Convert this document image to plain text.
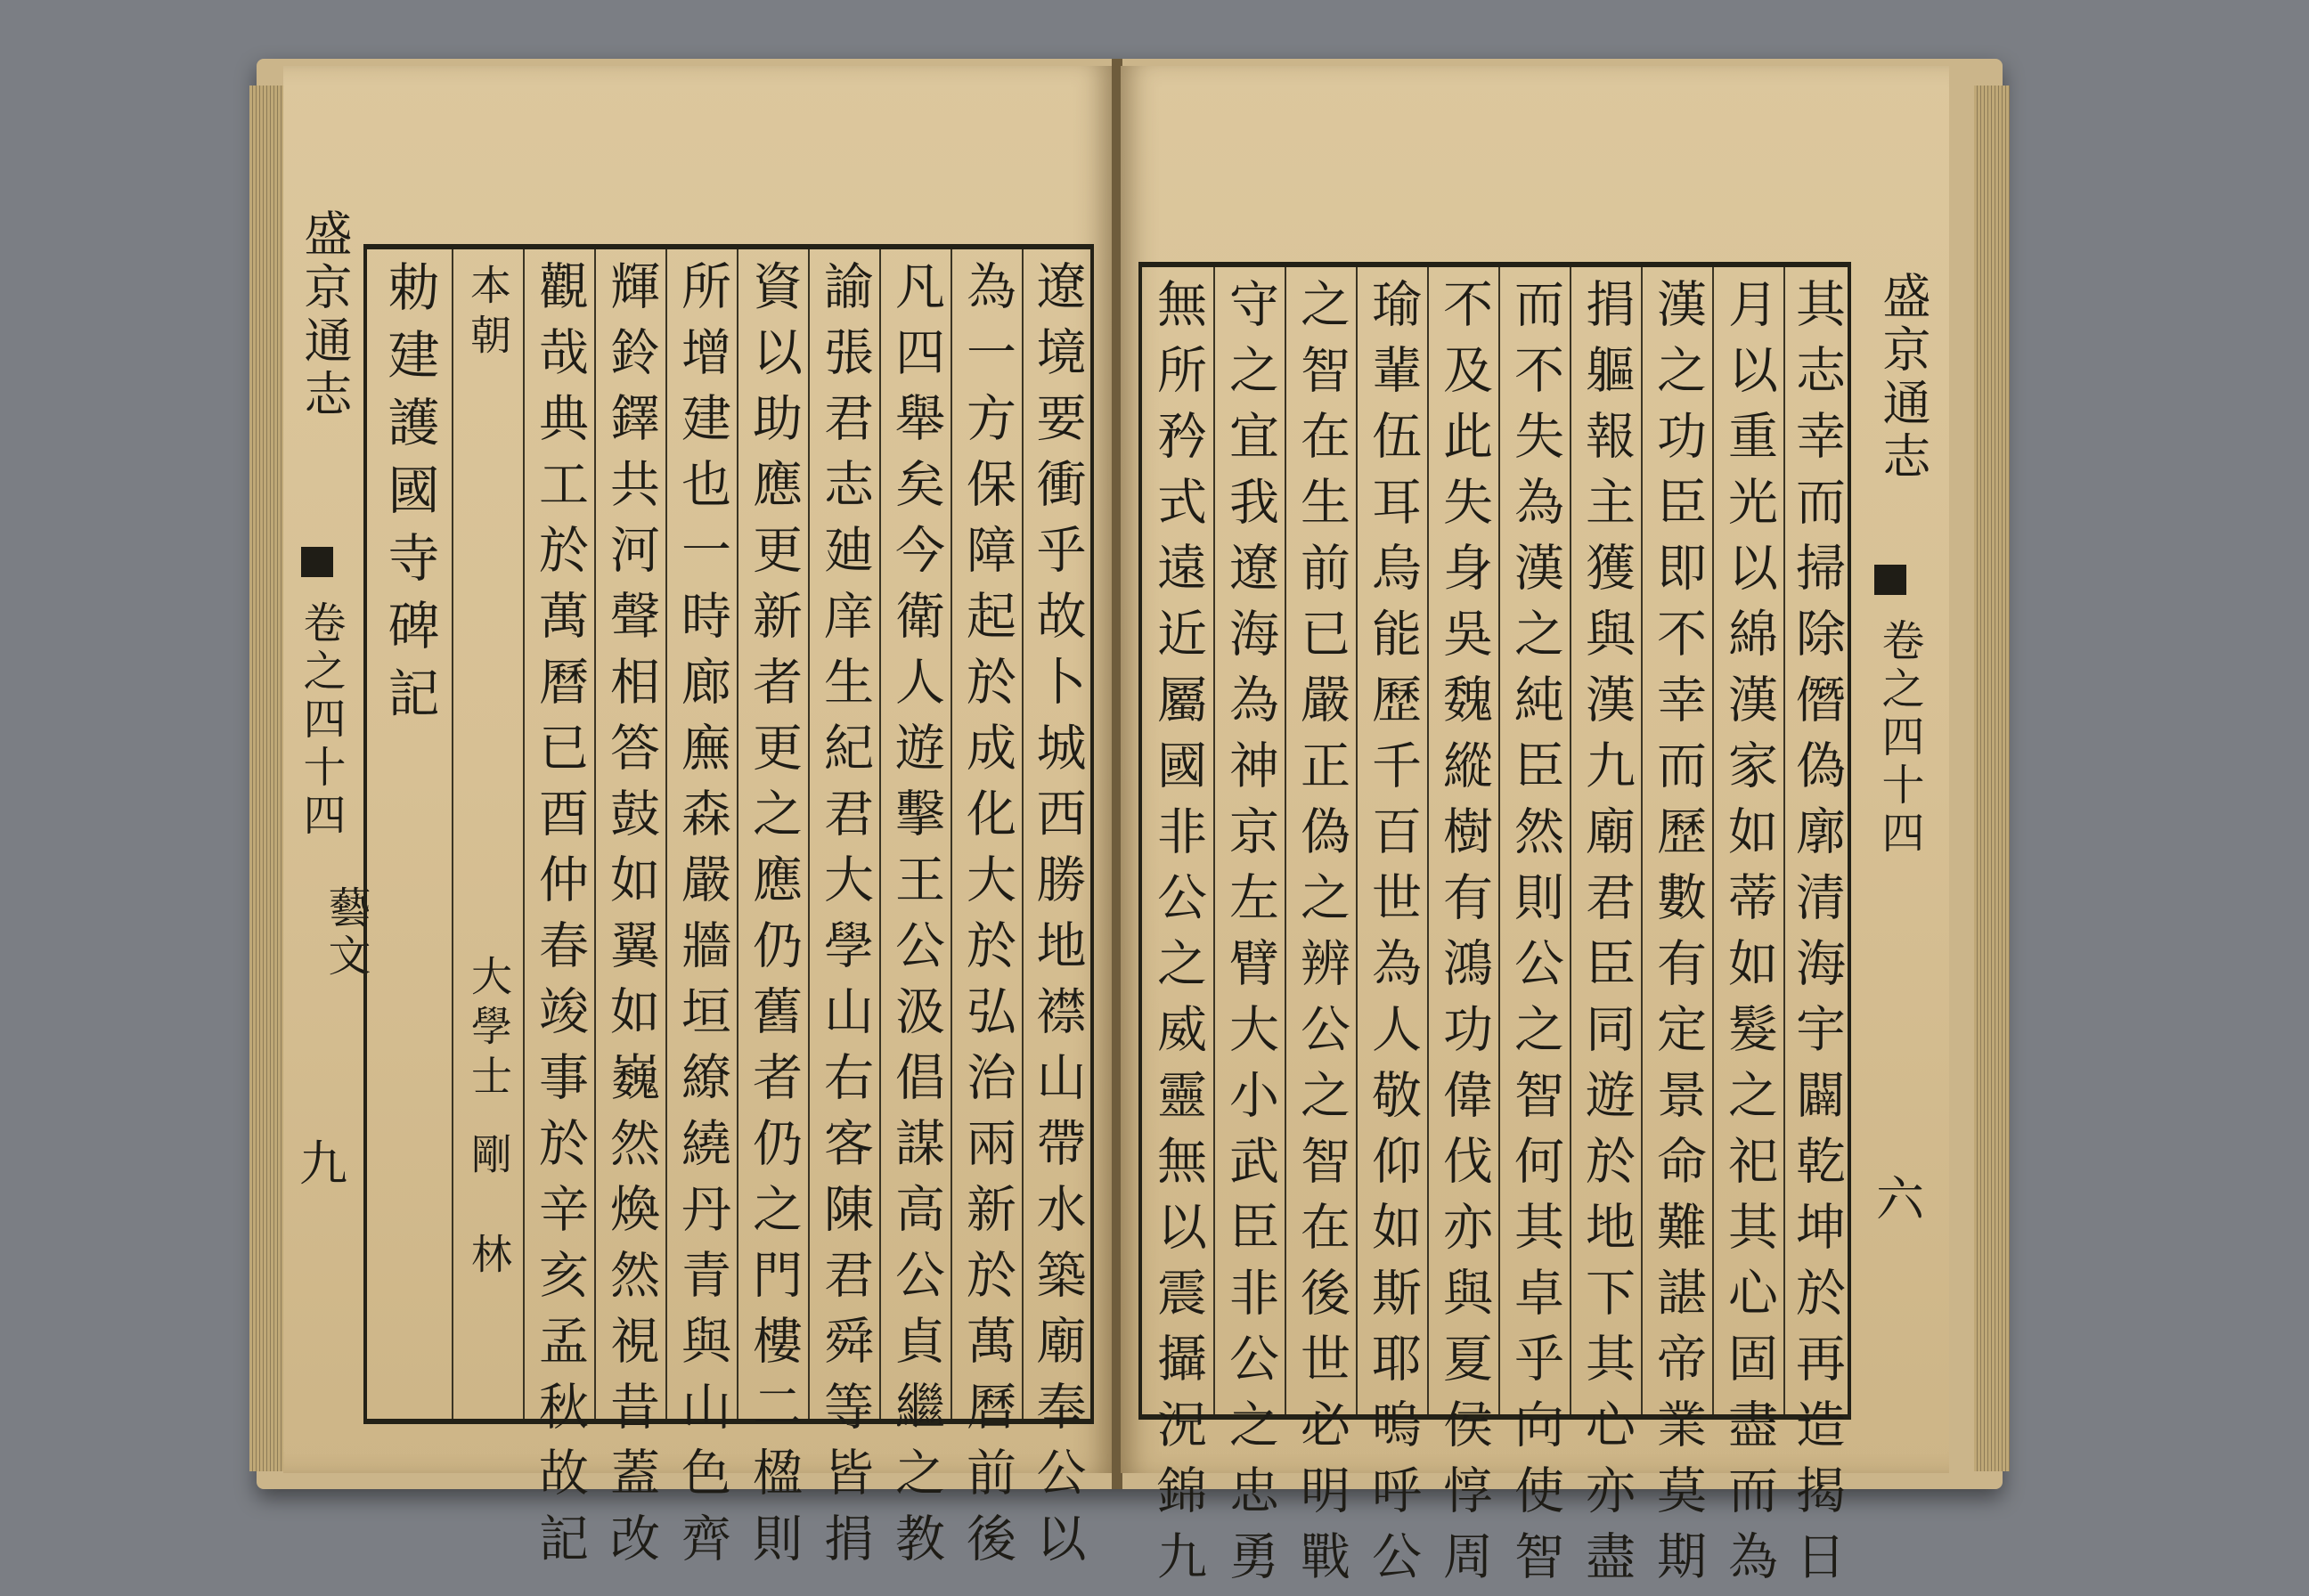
盛京通志
卷之四十四
藝文
九
勅建護國寺碑記 本朝
大學士
剛　林 觀哉典工於萬曆已酉仲春竣事於辛亥孟秋故記 輝鈴鐸共河聲相答鼓如翼如巍然煥然視昔蓋改 所增建也一時廊廡森嚴牆垣繚繞丹青與山色齊 資以助應更新者更之應仍舊者仍之門樓二楹則 諭張君志廸庠生紀君大學山右客陳君舜等皆捐 凡四舉矣今衛人遊擊王公汲倡謀高公貞繼之教 為一方保障起於成化大於弘治兩新於萬曆前後 遼境要衝乎故卜城西勝地襟山帶水築廟奉公以 無所矜式遠近屬國非公之威靈無以震攝況錦九 守之宜我遼海為神京左臂大小武臣非公之忠勇 之智在生前已嚴正偽之辨公之智在後世必明戰 瑜輩伍耳烏能歷千百世為人敬仰如斯耶嗚呼公 不及此失身吳魏縱樹有鴻功偉伐亦與夏侯惇周 而不失為漢之純臣然則公之智何其卓乎向使智 捐軀報主獲與漢九廟君臣同遊於地下其心亦盡 漢之功臣即不幸而歷數有定景命難諶帝業莫期 月以重光以綿漢家如蒂如髮之祀其心固盡而為 其志幸而掃除僭偽廓清海宇闢乾坤於再造揭日 盛京通志
卷之四十四
六
